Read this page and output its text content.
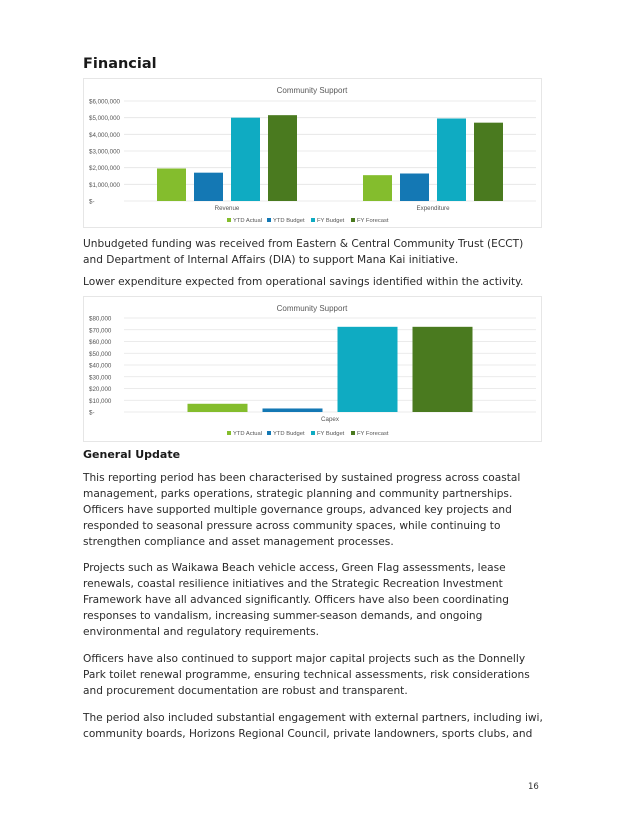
Financial
Community Support
$-
$1,000,000
$2,000,000
$3,000,000
$4,000,000
$5,000,000
$6,000,000
Revenue	Expenditure
YTD Actual YTD Budget FY Budget FY Forecast

Unbudgeted funding was received from Eastern & Central Community Trust (ECCT) and Department of Internal Affairs (DIA) to support Mana Kai initiative.

Lower expenditure expected from operational savings identified within the activity.

Community Support
$-
$10,000
$20,000
$30,000
$40,000
$50,000
$60,000
$70,000
$80,000
Capex
YTD Actual YTD Budget FY Budget FY Forecast
General Update

This reporting period has been characterised by sustained progress across coastal management, parks operations, strategic planning and community partnerships. Officers have supported multiple governance groups, advanced key projects and responded to seasonal pressure across community spaces, while continuing to strengthen compliance and asset management processes.

Projects such as Waikawa Beach vehicle access, Green Flag assessments, lease renewals, coastal resilience initiatives and the Strategic Recreation Investment Framework have all advanced significantly. Officers have also been coordinating responses to vandalism, increasing summer-season demands, and ongoing environmental and regulatory requirements.

Officers have also continued to support major capital projects such as the Donnelly Park toilet renewal programme, ensuring technical assessments, risk considerations and procurement documentation are robust and transparent.

The period also included substantial engagement with external partners, including iwi, community boards, Horizons Regional Council, private landowners, sports clubs, and

16
